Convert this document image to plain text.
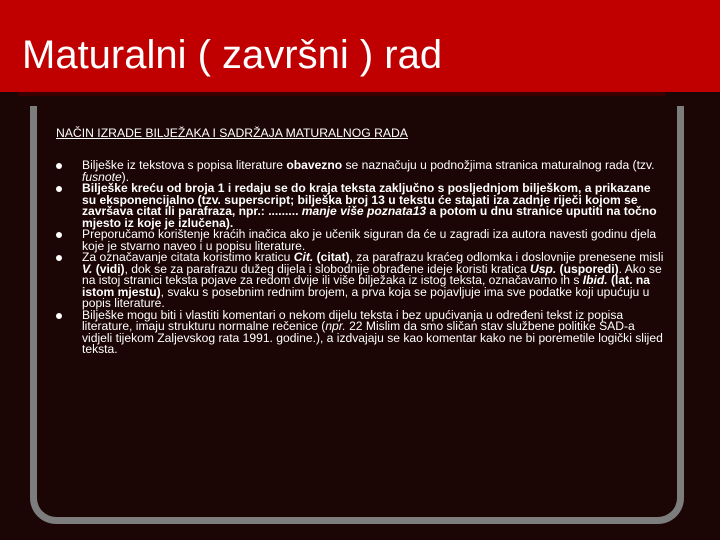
Maturalni ( završni ) rad
NAČIN IZRADE BILJEŽAKA I SADRŽAJA MATURALNOG RADA
Bilješke iz tekstova s popisa literature obavezno se naznačuju u podnožjima stranica maturalnog rada (tzv. fusnote).
Bilješke kreću od broja 1 i redaju se do kraja teksta zaključno s posljednjom bilješkom, a prikazane su eksponencijalno (tzv. superscript; bilješka broj 13 u tekstu će stajati iza zadnje riječi kojom se završava citat ili parafraza, npr.: ......... manje više poznata13 a potom u dnu stranice uputiti na točno mjesto iz koje je izlučena).
Preporučamo korištenje kraćih inačica ako je učenik siguran da će u zagradi iza autora navesti godinu djela koje je stvarno naveo i u popisu literature.
Za označavanje citata koristimo kraticu Cit. (citat), za parafrazu kraćeg odlomka i doslovnije prenesene misli V. (vidi), dok se za parafrazu dužeg dijela i slobodnije obrađene ideje koristi kratica Usp. (usporedi). Ako se na istoj stranici teksta pojave za redom dvije ili više bilježaka iz istog teksta, označavamo ih s Ibid. (lat. na istom mjestu), svaku s posebnim rednim brojem, a prva koja se pojavljuje ima sve podatke koji upućuju u popis literature.
Bilješke mogu biti i vlastiti komentari o nekom dijelu teksta i bez upućivanja u određeni tekst iz popisa literature, imaju strukturu normalne rečenice (npr. 22 Mislim da smo sličan stav službene politike SAD-a vidjeli tijekom Zaljevskog rata 1991. godine.), a izdvajaju se kao komentar kako ne bi poremetile logički slijed teksta.
